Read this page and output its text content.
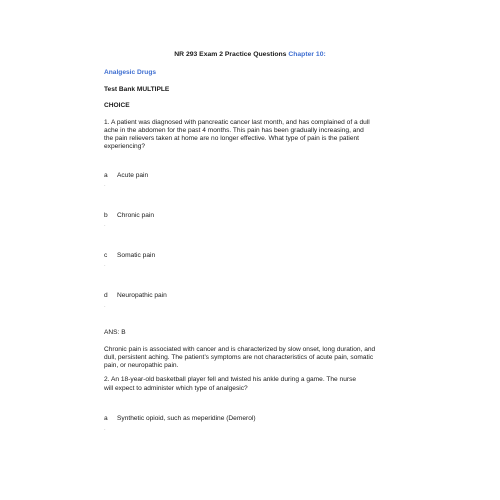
NR 293 Exam 2 Practice Questions Chapter 10:
Analgesic Drugs
Test Bank MULTIPLE
CHOICE
1. A patient was diagnosed with pancreatic cancer last month, and has complained of a dull
ache in the abdomen for the past 4 months. This pain has been gradually increasing, and
the pain relievers taken at home are no longer effective. What type of pain is the patient
experiencing?
a Acute pain
·
b Chronic pain
·
c Somatic pain
·
d Neuropathic pain
·
ANS: B
Chronic pain is associated with cancer and is characterized by slow onset, long duration, and
dull, persistent aching. The patient’s symptoms are not characteristics of acute pain, somatic
pain, or neuropathic pain.
2. An 18-year-old basketball player fell and twisted his ankle during a game. The nurse
will expect to administer which type of analgesic?
a Synthetic opioid, such as meperidine (Demerol)
·
